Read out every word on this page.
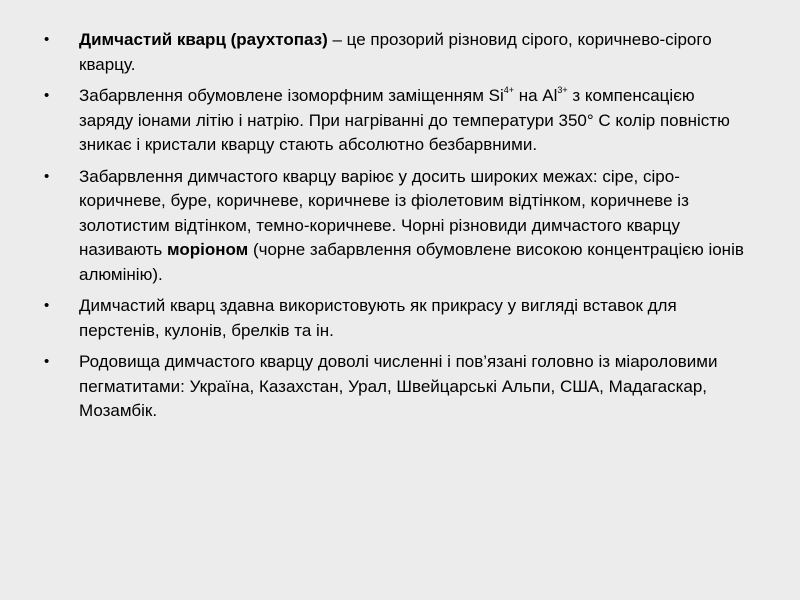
• Димчастий кварц (раухтопаз) – це прозорий різновид сірого, коричнево-сірого кварцу.
• Забарвлення обумовлене ізоморфним заміщенням $Si^{4+}$ на $Al^{3+}$ з компенсацією заряду іонами літію і натрію. При нагріванні до температури 350° С колір повністю зникає і кристали кварцу стають абсолютно безбарвними.
• Забарвлення димчастого кварцу варіює у досить широких межах: сіре, сіро-коричневе, буре, коричневе, коричневе із фіолетовим відтінком, коричневе із золотистим відтінком, темно-коричневе. Чорні різновиди димчастого кварцу називають моріоном (чорне забарвлення обумовлене високою концентрацією іонів алюмінію).
• Димчастий кварц здавна використовують як прикрасу у вигляді вставок для перстенів, кулонів, брелків та ін.
• Родовища димчастого кварцу доволі численні і пов’язані головно із міароловими пегматитами: Україна, Казахстан, Урал, Швейцарські Альпи, США, Мадагаскар, Мозамбік.
